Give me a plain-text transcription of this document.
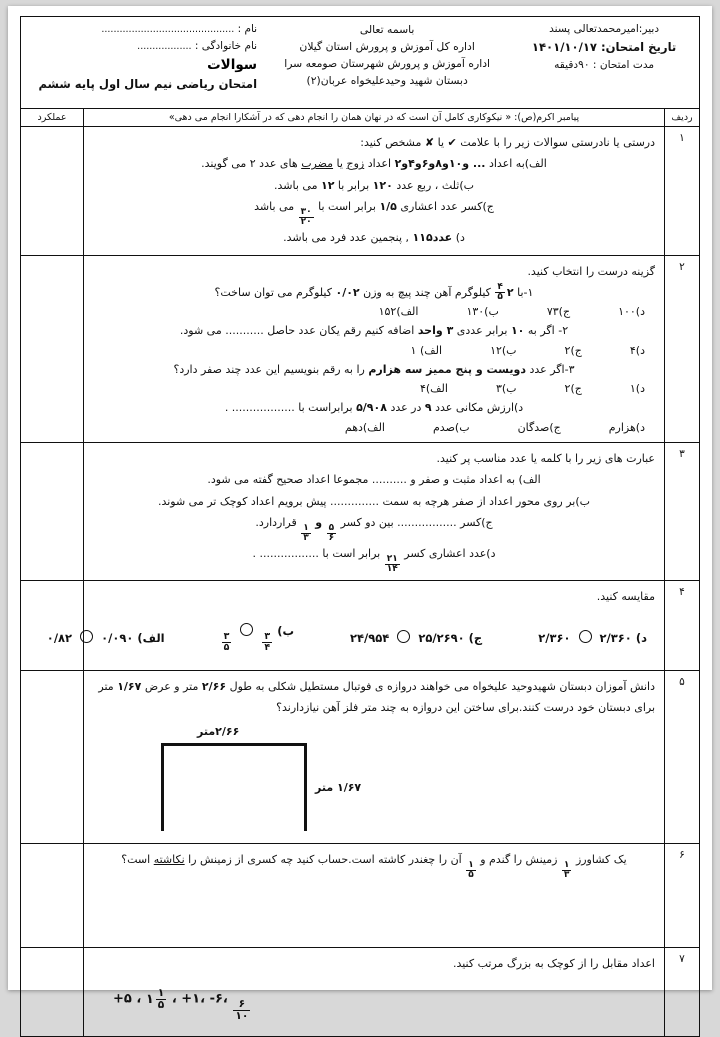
دبیر:امیرمحمدتعالی پسند
تاریخ امتحان: ۱۴۰۱/۱۰/۱۷
مدت امتحان : ۹۰دقیقه
باسمه تعالی
اداره کل آموزش و پرورش استان گیلان
اداره آموزش و پرورش شهرستان صومعه سرا
دبستان شهید وحیدعلیخواه عربان(۲)
نام : ............................................
نام خانوادگی : ..................
سوالات
امتحان ریاضی نیم سال اول پایه ششم
ردیف	پیامبر اکرم(ص): « نیکوکاری کامل آن است که در نهان همان را انجام دهی که در آشکارا انجام می دهی»	عملکرد
۱	
درستی یا نادرستی سوالات زیر را با علامت ✔ یا ✘ مشخص کنید:
الف)به اعداد ... و۱۰و۸و۶و۴و۲ اعداد زوج یا مضرب های عدد ۲ می گویند.
ب)ثلث ، ربع عدد ۱۲۰ برابر با ۱۲ می باشد.
ج)کسر عدد اعشاری ۱/۵ برابر است با
$\frac{۳۰}{۲۰}$
می باشد
د) عدد۱۱۵ , پنجمین عدد فرد می باشد.

۲	
گزینه درست را انتخاب کنید.
۱-با
۲
$\frac{۴}{۵}$
کیلوگرم آهن چند پیچ به وزن ۰/۰۲ کیلوگرم می توان ساخت؟
د)۱۰۰
ج)۷۳
ب)۱۳۰
الف)۱۵۲
۲- اگر به ۱۰ برابر عددی ۳ واحد اضافه کنیم رقم یکان عدد حاصل ........... می شود.
د)۴
ج)۲
ب)۱۲
الف) ۱
۳-اگر عدد دویست و پنج ممیز سه هزارم را به رقم بنویسیم این عدد چند صفر دارد؟
د)۱
ج)۲
ب)۳
الف)۴
د)ارزش مکانی عدد ۹ در عدد ۵/۹۰۸ برابراست با .................. .
د)هزارم
ج)صدگان
ب)صدم
الف)دهم

۳	
عبارت های زیر را با کلمه یا عدد مناسب پر کنید.
الف) به اعداد مثبت و صفر و .......... مجموعا اعداد صحیح گفته می شود.
ب)بر روی محور اعداد از صفر هرچه به سمت .............. پیش برویم اعداد کوچک تر می شوند.
ج)کسر ................. بین دو کسر
$\frac{۵}{۶}$
و
$\frac{۱}{۳}$
قراردارد.
د)عدد اعشاری کسر
$\frac{۲۱}{۱۴}$
برابر است با ................. .

۴	
مقایسه کنید.
د) ۲/۳۶۰  ۲/۳۶۰
ج) ۲۵/۲۶۹۰  ۲۴/۹۵۴
ب)
$\frac{۳}{۴}$

$\frac{۳}{۵}$
الف) ۰/۰۹۰  ۰/۸۲

۵	دانش آموزان دبستان شهیدوحید علیخواه می خواهند دروازه ی فوتبال مستطیل شکلی به طول ۲/۶۶ متر و عرض ۱/۶۷ متر برای دبستان خود درست کنند.برای ساختن این دروازه به چند متر فلز آهن نیازدارند؟
۲/۶۶متر
۱/۶۷ متر	

۶	
یک کشاورز
$\frac{۱}{۳}$
زمینش را گندم و
$\frac{۱}{۵}$
آن را چغندر کاشته است.حساب کنید چه کسری از زمینش را نکاشته است؟

۷	
اعداد مقابل را از کوچک به بزرگ مرتب کنید.
+۵ ، ۱ $\frac{۱}{۵}$ ، +۱، -۶، $\frac{۶}{۱۰}$
